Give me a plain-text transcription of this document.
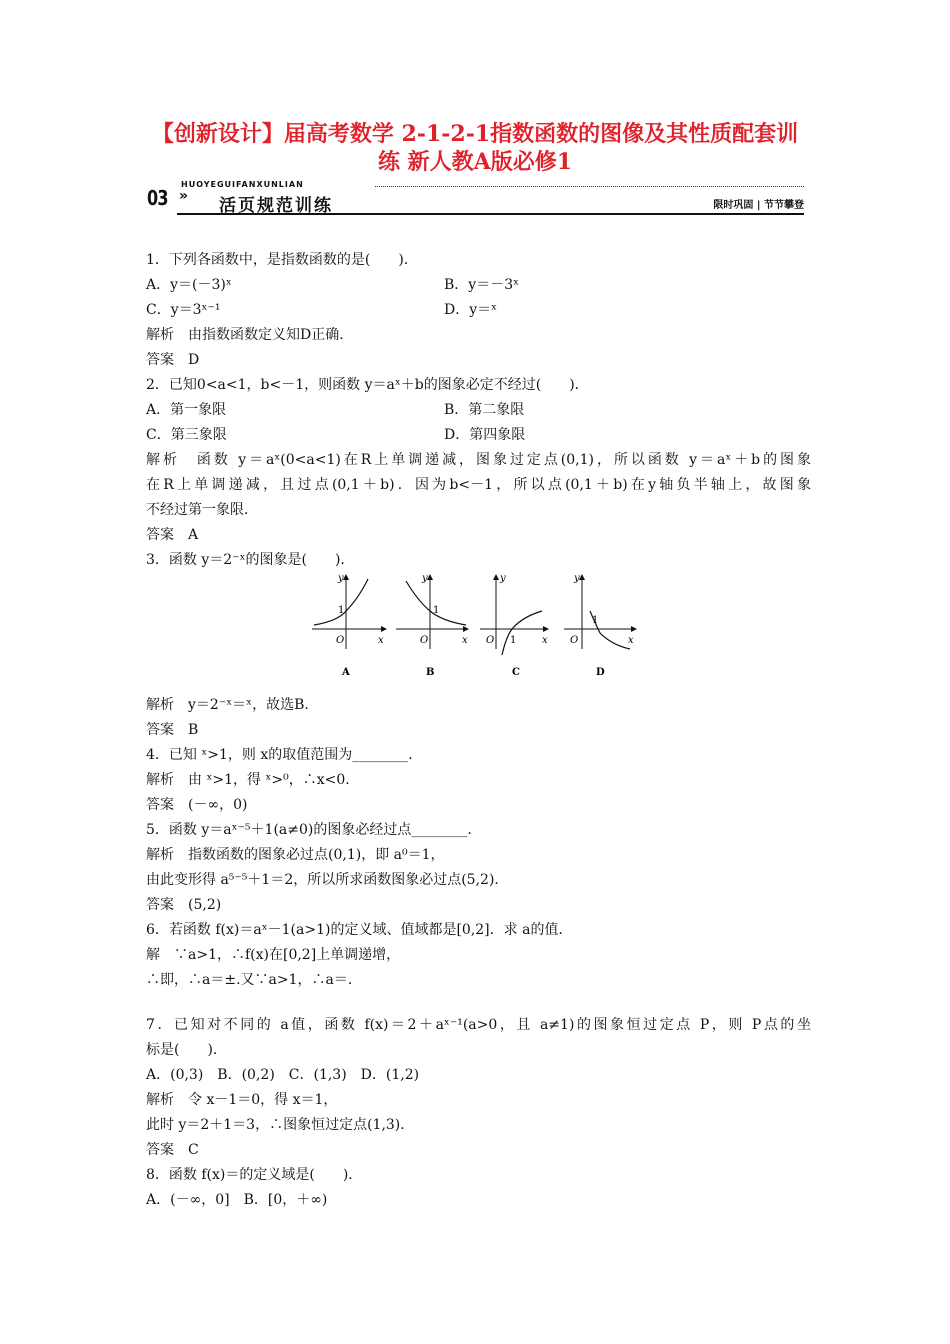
【创新设计】届高考数学 2-1-2-1指数函数的图像及其性质配套训
练 新人教A版必修1
03
HUOYEGUIFANXUNLIAN
» 活页规范训练	限时巩固 | 节节攀登
1．下列各函数中，是指数函数的是(　　)．
A．y＝(－3)ˣ	B．y＝－3ˣ
C．y＝3ˣ⁻¹	D．y＝ˣ
解析　由指数函数定义知D正确．
答案　D
2．已知0<a<1，b<－1，则函数 y＝aˣ＋b的图象必定不经过(　　)．
A．第一象限	B．第二象限
C．第三象限	D．第四象限
解析　函数 y＝aˣ(0<a<1)在R上单调递减，图象过定点(0,1)，所以函数 y＝aˣ＋b的图象
在R上单调递减，且过点(0,1＋b)．因为b<－1，所以点(0,1＋b)在y轴负半轴上，故图象
不经过第一象限．
答案　A
3．函数 y＝2⁻ˣ的图象是(　　)．
y
1
O	x
A
y
1
O	x
B
y
O 1	x
C
y
1
O	x
D
解析　y＝2⁻ˣ＝ˣ，故选B.
答案　B
4．已知 ˣ>1，则 x的取值范围为________．
解析　由 ˣ>1，得 ˣ>⁰，∴x<0.
答案　(－∞，0)
5．函数 y＝aˣ⁻⁵＋1(a≠0)的图象必经过点________．
解析　指数函数的图象必过点(0,1)，即 a⁰＝1，
由此变形得 a⁵⁻⁵＋1＝2，所以所求函数图象必过点(5,2)．
答案　(5,2)
6．若函数 f(x)＝aˣ－1(a>1)的定义域、值域都是[0,2]．求 a的值．
解　∵a>1，∴f(x)在[0,2]上单调递增，
∴即，∴a＝±.又∵a>1，∴a＝.
7．已知对不同的 a值，函数 f(x)＝2＋aˣ⁻¹(a>0，且 a≠1)的图象恒过定点 P，则 P点的坐
标是(　　)．
A．(0,3)　B．(0,2)　C．(1,3)　D．(1,2)
解析　令 x－1＝0，得 x＝1，
此时 y＝2＋1＝3，∴图象恒过定点(1,3)．
答案　C
8．函数 f(x)＝的定义域是(　　)．
A．(－∞，0]　B．[0，＋∞)
